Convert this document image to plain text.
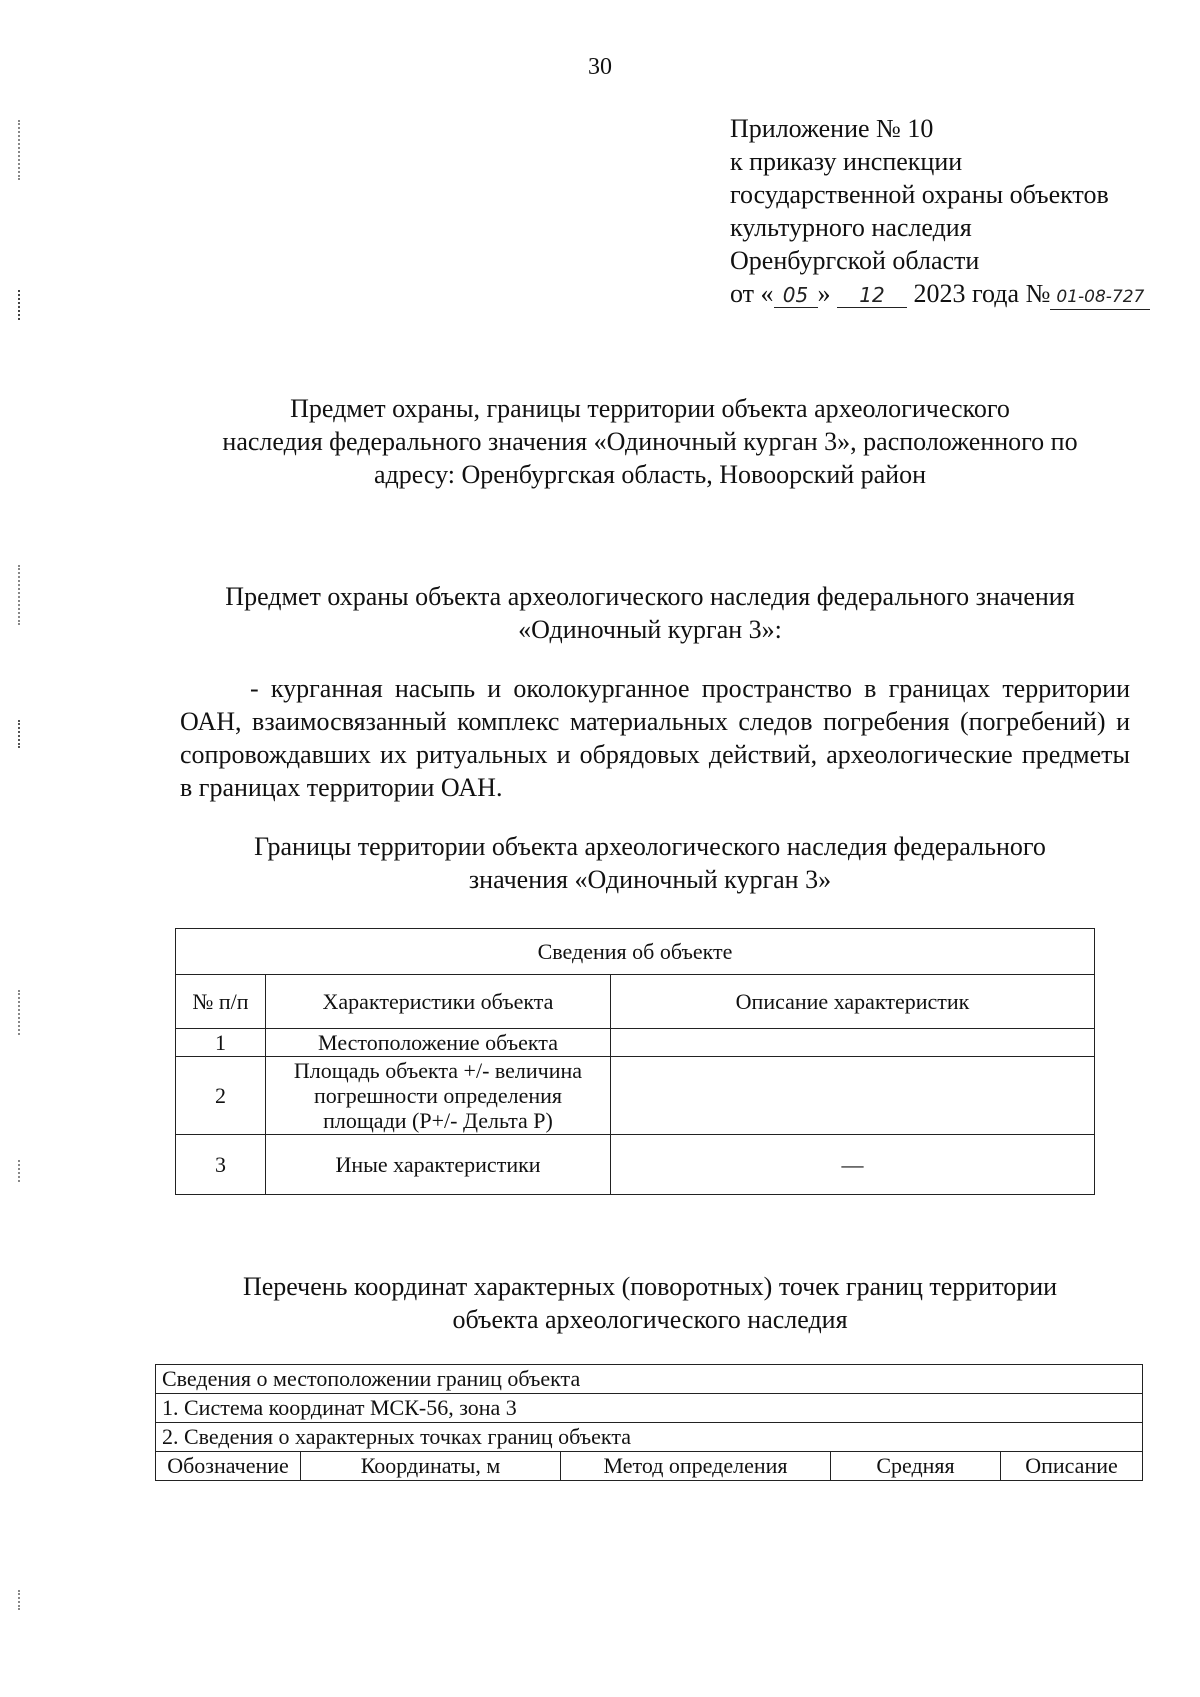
30
Приложение № 10
к приказу инспекции
государственной охраны объектов
культурного наследия
Оренбургской области
от « 05 » 12 2023 года № 01-08-727
Предмет охраны, границы территории объекта археологического
наследия федерального значения «Одиночный курган 3», расположенного по
адресу: Оренбургская область, Новоорский район
Предмет охраны объекта археологического наследия федерального значения
«Одиночный курган 3»:
- курганная насыпь и околокурганное пространство в границах территории ОАН, взаимосвязанный комплекс материальных следов погребения (погребений) и сопровождавших их ритуальных и обрядовых действий, археологические предметы в границах территории ОАН.
Границы территории объекта археологического наследия федерального
значения «Одиночный курган 3»
Сведения об объекте		
№ п/п	Характеристики объекта	Описание характеристик
1	Местоположение объекта	
2	Площадь объекта +/- величина погрешности определения площади (Р+/- Дельта Р)	
3	Иные характеристики	—
Перечень координат характерных (поворотных) точек границ территории
объекта археологического наследия
Сведения о местоположении границ объекта
1. Система координат МСК-56, зона 3
2. Сведения о характерных точках границ объекта
Обозначение	Координаты, м	Метод определения	Средняя	Описание
